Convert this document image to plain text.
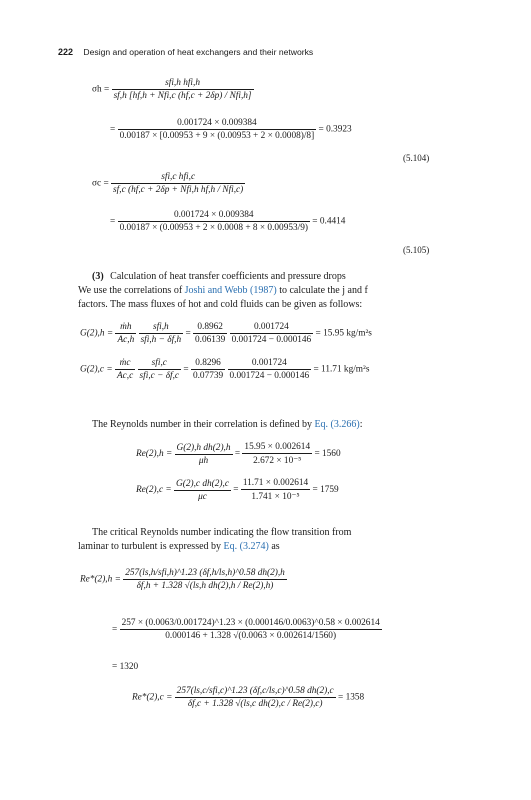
222 Design and operation of heat exchangers and their networks
$\sigma h = \frac{\text{sfi,h hfi,h}}{\text{sf,h [hf,h + Nfi,c (hf,c + 2δp) / Nfi,h]}}$
= $\frac{0.001724 \times 0.009384}{0.00187 \times [0.00953 + 9 \times (0.00953 + 2 \times 0.0008)/8]} = 0.3923$
(5.104)
$\sigma c = \frac{\text{sfi,c hfi,c}}{\text{sf,c (hf,c + 2δp + Nfi,h hf,h / Nfi,c)}}$
= $\frac{0.001724 \times 0.009384}{0.00187 \times (0.00953 + 2 \times 0.0008 + 8 \times 0.00953/9)} = 0.4414$
(5.105)
(3) Calculation of heat transfer coefficients and pressure drops
We use the correlations of Joshi and Webb (1987) to calculate the j and f
factors. The mass fluxes of hot and cold fluids can be given as follows:
$G(2),h = \frac{\text{ṁh}}{Ac,h}$
$\frac{\text{sfi,h}}{\text{sfi,h − δf,h}} = \frac{0.8962}{0.06139}$
$\frac{0.001724}{0.001724 - 0.000146} = 15.95$ kg/m²s
$G(2),c = \frac{\text{ṁc}}{Ac,c}$
$\frac{\text{sfi,c}}{\text{sfi,c − δf,c}} = \frac{0.8296}{0.07739}$
$\frac{0.001724}{0.001724 - 0.000146} = 11.71$ kg/m²s
The Reynolds number in their correlation is defined by Eq. (3.266):
$Re(2),h = \frac{\text{G(2),h dh(2),h}}{\mu h} = \frac{15.95 \times 0.002614}{\text{2.672 × 10⁻⁵}} = 1560$
$Re(2),c = \frac{\text{G(2),c dh(2),c}}{\mu c} = \frac{11.71 \times 0.002614}{\text{1.741 × 10⁻⁵}} = 1759$
The critical Reynolds number indicating the flow transition from
laminar to turbulent is expressed by Eq. (3.274) as
$Re*(2),h = \frac{\text{257(ls,h/sfi,h)\textasciicircum{}1.23 (δf,h/ls,h)\textasciicircum{}0.58 dh(2),h}}{\text{δf,h + 1.328 √(ls,h dh(2),h / Re(2),h)}}$
=
257 × (0.0063/0.001724)^1.23 × (0.000146/0.0063)^0.58 × 0.002614
0.000146 + 1.328 √(0.0063 × 0.002614/1560)
= 1320
$Re*(2),c = \frac{\text{257(ls,c/sfi,c)\textasciicircum{}1.23 (δf,c/ls,c)\textasciicircum{}0.58 dh(2),c}}{\text{δf,c + 1.328 √(ls,c dh(2),c / Re(2),c)}} = 1358$
